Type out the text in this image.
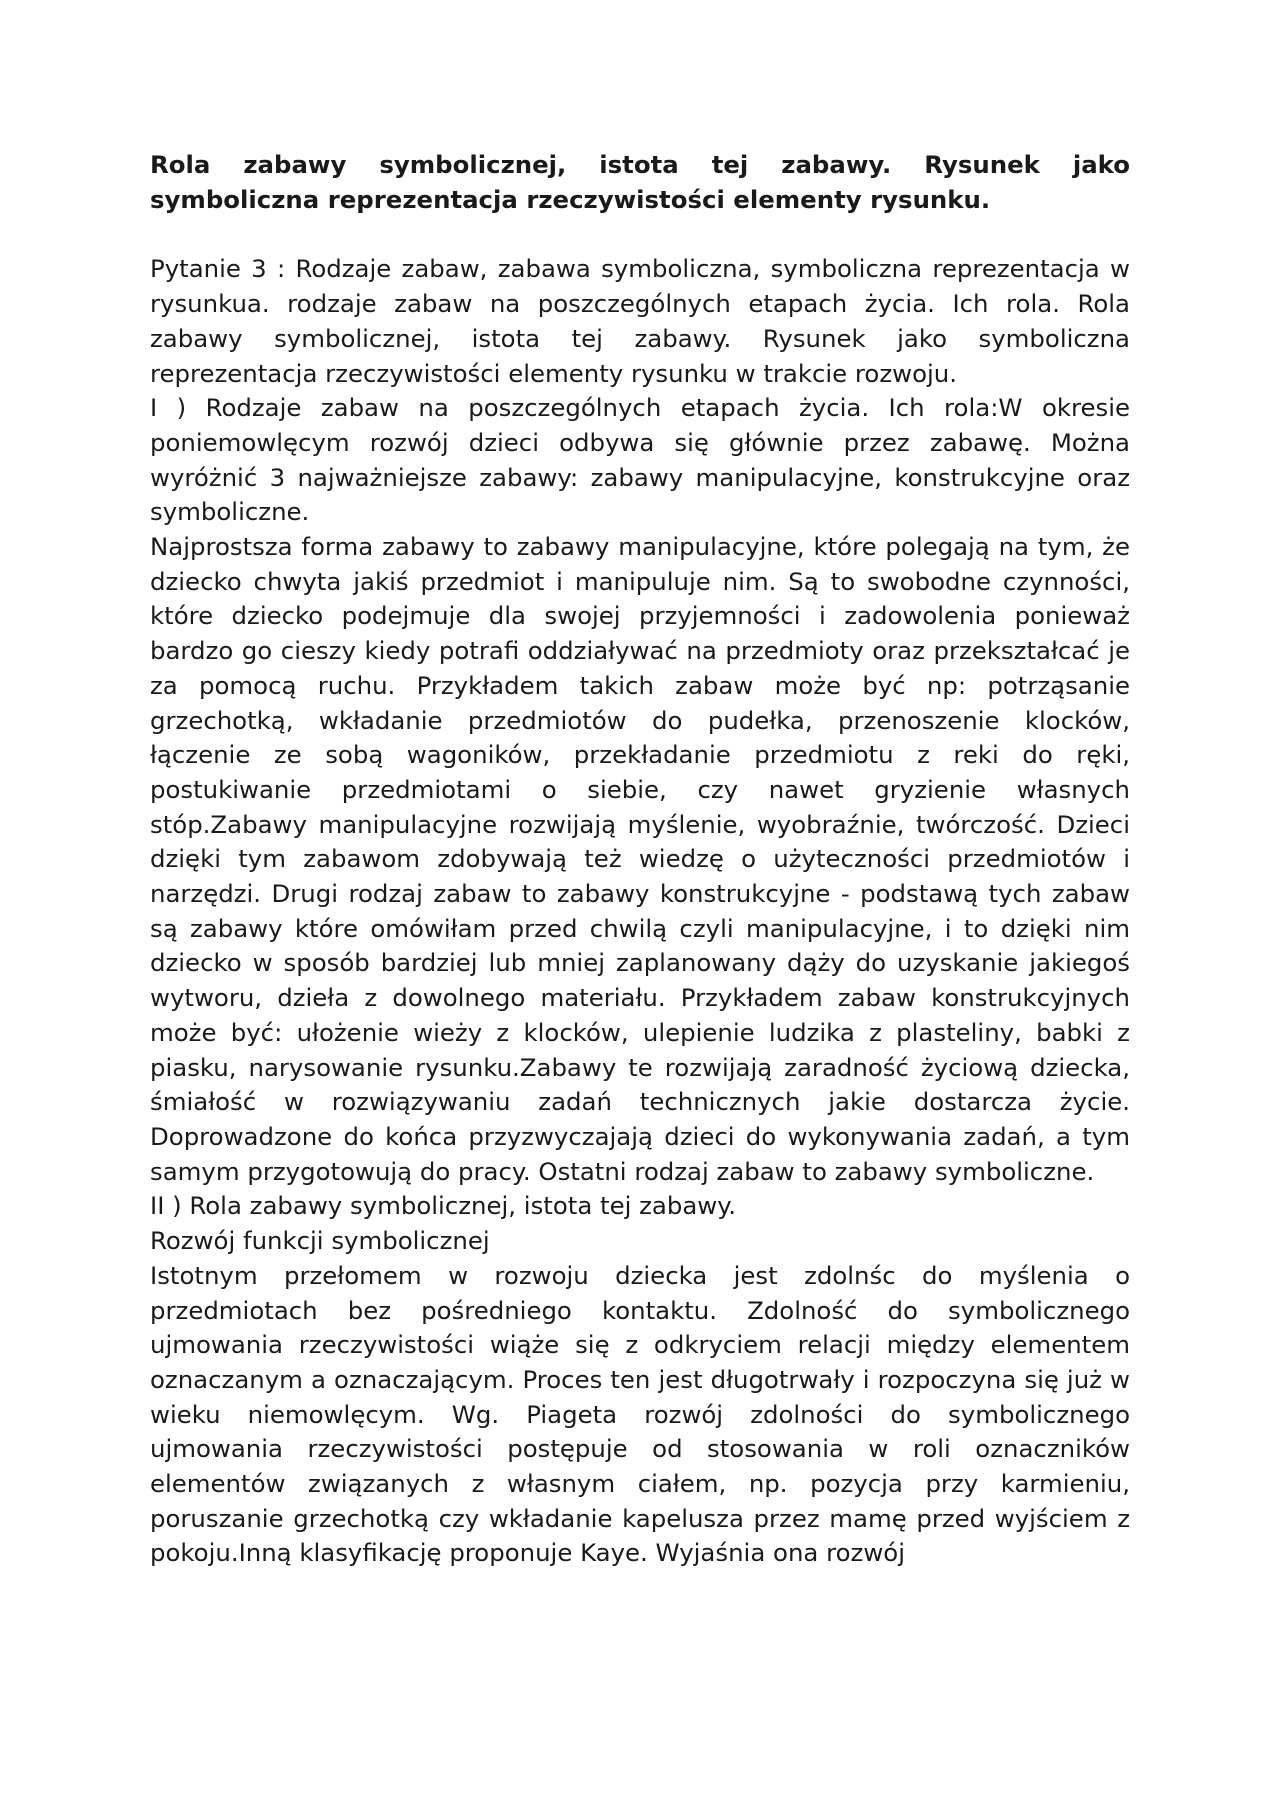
Rola zabawy symbolicznej, istota tej zabawy. Rysunek jako symboliczna reprezentacja rzeczywistości elementy rysunku.

Pytanie 3 : Rodzaje zabaw, zabawa symboliczna, symboliczna reprezentacja w rysunkua. rodzaje zabaw na poszczególnych etapach życia. Ich rola. Rola zabawy symbolicznej, istota tej zabawy. Rysunek jako symboliczna reprezentacja rzeczywistości elementy rysunku w trakcie rozwoju.

I ) Rodzaje zabaw na poszczególnych etapach życia. Ich rola:W okresie poniemowlęcym rozwój dzieci odbywa się głównie przez zabawę. Można wyróżnić 3 najważniejsze zabawy: zabawy manipulacyjne, konstrukcyjne oraz symboliczne.

Najprostsza forma zabawy to zabawy manipulacyjne, które polegają na tym, że dziecko chwyta jakiś przedmiot i manipuluje nim. Są to swobodne czynności, które dziecko podejmuje dla swojej przyjemności i zadowolenia ponieważ bardzo go cieszy kiedy potrafi oddziaływać na przedmioty oraz przekształcać je za pomocą ruchu. Przykładem takich zabaw może być np: potrząsanie grzechotką, wkładanie przedmiotów do pudełka, przenoszenie klocków, łączenie ze sobą wagoników, przekładanie przedmiotu z reki do ręki, postukiwanie przedmiotami o siebie, czy nawet gryzienie własnych stóp.Zabawy manipulacyjne rozwijają myślenie, wyobraźnie, twórczość. Dzieci dzięki tym zabawom zdobywają też wiedzę o użyteczności przedmiotów i narzędzi. Drugi rodzaj zabaw to zabawy konstrukcyjne - podstawą tych zabaw są zabawy które omówiłam przed chwilą czyli manipulacyjne, i to dzięki nim dziecko w sposób bardziej lub mniej zaplanowany dąży do uzyskanie jakiegoś wytworu, dzieła z dowolnego materiału. Przykładem zabaw konstrukcyjnych może być: ułożenie wieży z klocków, ulepienie ludzika z plasteliny, babki z piasku, narysowanie rysunku.Zabawy te rozwijają zaradność życiową dziecka, śmiałość w rozwiązywaniu zadań technicznych jakie dostarcza życie. Doprowadzone do końca przyzwyczajają dzieci do wykonywania zadań, a tym samym przygotowują do pracy. Ostatni rodzaj zabaw to zabawy symboliczne.

II ) Rola zabawy symbolicznej, istota tej zabawy.

Rozwój funkcji symbolicznej

Istotnym przełomem w rozwoju dziecka jest zdolnśc do myślenia o przedmiotach bez pośredniego kontaktu. Zdolność do symbolicznego ujmowania rzeczywistości wiąże się z odkryciem relacji między elementem oznaczanym a oznaczającym. Proces ten jest długotrwały i rozpoczyna się już w wieku niemowlęcym. Wg. Piageta rozwój zdolności do symbolicznego ujmowania rzeczywistości postępuje od stosowania w roli oznaczników elementów związanych z własnym ciałem, np. pozycja przy karmieniu, poruszanie grzechotką czy wkładanie kapelusza przez mamę przed wyjściem z pokoju.Inną klasyfikację proponuje Kaye. Wyjaśnia ona rozwój
